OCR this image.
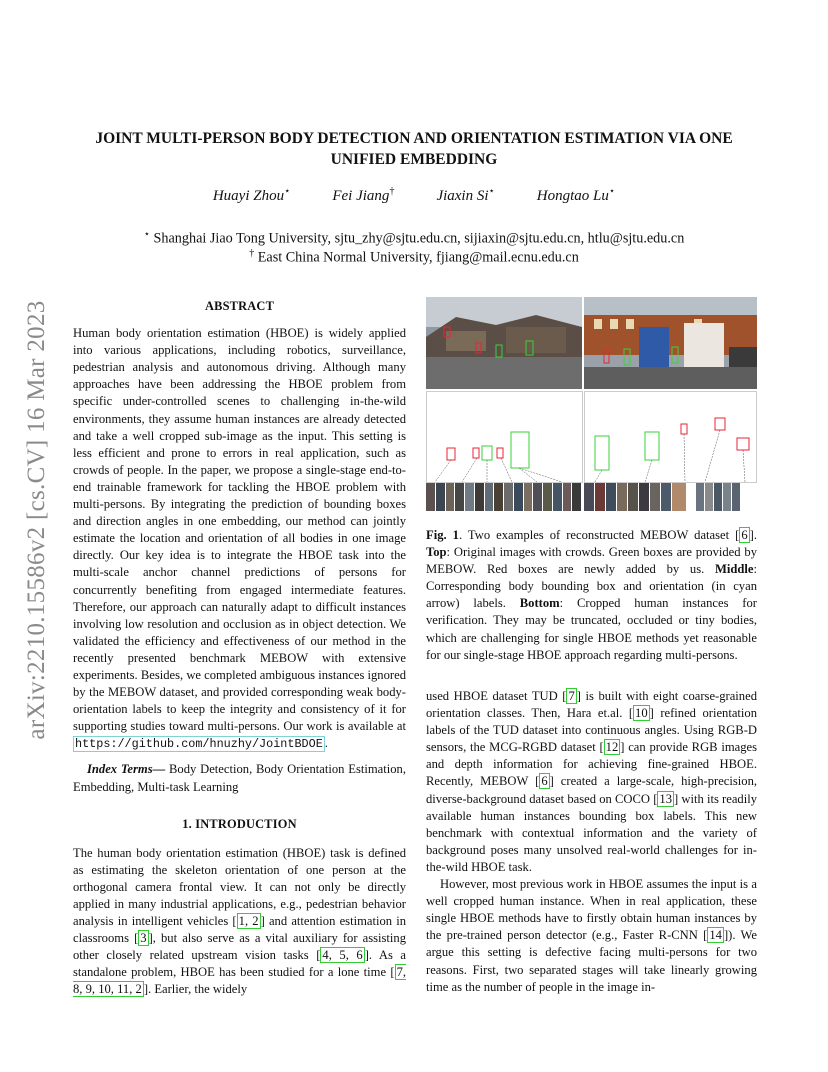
arXiv:2210.15586v2 [cs.CV] 16 Mar 2023
JOINT MULTI-PERSON BODY DETECTION AND ORIENTATION ESTIMATION VIA ONE
UNIFIED EMBEDDING
Huayi Zhou⋆	Fei Jiang†	Jiaxin Si⋆	Hongtao Lu⋆
⋆ Shanghai Jiao Tong University, sjtu_zhy@sjtu.edu.cn, sijiaxin@sjtu.edu.cn, htlu@sjtu.edu.cn
† East China Normal University, fjiang@mail.ecnu.edu.cn
ABSTRACT

Human body orientation estimation (HBOE) is widely applied into various applications, including robotics, surveillance, pedestrian analysis and autonomous driving. Although many approaches have been addressing the HBOE problem from specific under-controlled scenes to challenging in-the-wild environments, they assume human instances are already detected and take a well cropped sub-image as the input. This setting is less efficient and prone to errors in real application, such as crowds of people. In the paper, we propose a single-stage end-to-end trainable framework for tackling the HBOE problem with multi-persons. By integrating the prediction of bounding boxes and direction angles in one embedding, our method can jointly estimate the location and orientation of all bodies in one image directly. Our key idea is to integrate the HBOE task into the multi-scale anchor channel predictions of persons for concurrently benefiting from engaged intermediate features. Therefore, our approach can naturally adapt to difficult instances involving low resolution and occlusion as in object detection. We validated the efficiency and effectiveness of our method in the recently presented benchmark MEBOW with extensive experiments. Besides, we completed ambiguous instances ignored by the MEBOW dataset, and provided corresponding weak body-orientation labels to keep the integrity and consistency of it for supporting studies toward multi-persons. Our work is available at https://github.com/hnuzhy/JointBDOE .

Index Terms— Body Detection, Body Orientation Estimation, Embedding, Multi-task Learning

1. INTRODUCTION

The human body orientation estimation (HBOE) task is defined as estimating the skeleton orientation of one person at the orthogonal camera frontal view. It can not only be directly applied in many industrial applications, e.g., pedestrian behavior analysis in intelligent vehicles [ 1, 2 ] and attention estimation in classrooms [ 3 ], but also serve as a vital auxiliary for assisting other closely related upstream vision tasks [ 4, 5, 6 ]. As a standalone problem, HBOE has been studied for a lone time [ 7, 8, 9, 10, 11, 2 ]. Earlier, the widely

Fig. 1. Two examples of reconstructed MEBOW dataset [ 6 ]. Top: Original images with crowds. Green boxes are provided by MEBOW. Red boxes are newly added by us. Middle: Corresponding body bounding box and orientation (in cyan arrow) labels. Bottom: Cropped human instances for verification. They may be truncated, occluded or tiny bodies, which are challenging for single HBOE methods yet reasonable for our single-stage HBOE approach regarding multi-persons.

used HBOE dataset TUD [ 7 ] is built with eight coarse-grained orientation classes. Then, Hara et.al. [ 10 ] refined orientation labels of the TUD dataset into continuous angles. Using RGB-D sensors, the MCG-RGBD dataset [ 12 ] can provide RGB images and depth information for achieving fine-grained HBOE. Recently, MEBOW [ 6 ] created a large-scale, high-precision, diverse-background dataset based on COCO [ 13 ] with its readily available human instances bounding box labels. This new benchmark with contextual information and the variety of background poses many unsolved real-world challenges for in-the-wild HBOE task.

However, most previous work in HBOE assumes the input is a well cropped human instance. When in real application, these single HBOE methods have to firstly obtain human instances by the pre-trained person detector (e.g., Faster R-CNN [ 14 ]). We argue this setting is defective facing multi-persons for two reasons. First, two separated stages will take linearly growing time as the number of people in the image in-
